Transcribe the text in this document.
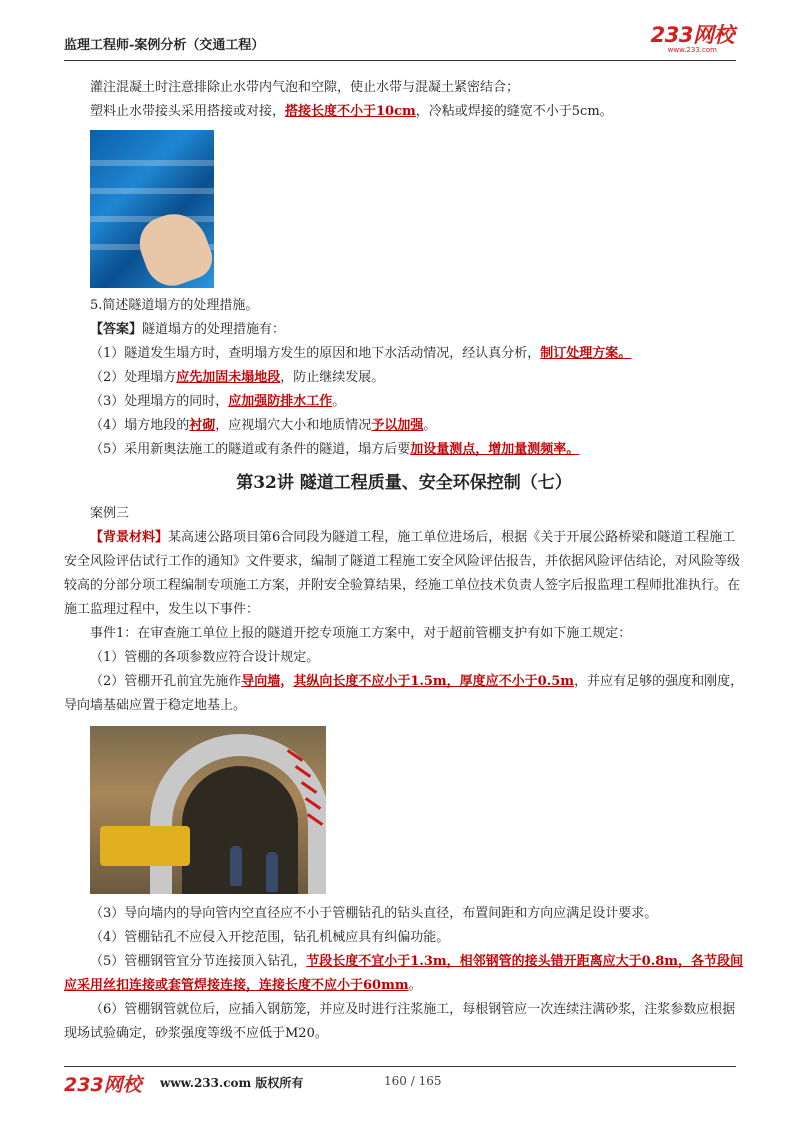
监理工程师-案例分析（交通工程）	233网校
www.233.com

灌注混凝土时注意排除止水带内气泡和空隙，使止水带与混凝土紧密结合；

塑料止水带接头采用搭接或对接，搭接长度不小于10cm，冷粘或焊接的缝宽不小于5cm。

5.简述隧道塌方的处理措施。

【答案】隧道塌方的处理措施有：

（1）隧道发生塌方时，查明塌方发生的原因和地下水活动情况，经认真分析，制订处理方案。

（2）处理塌方应先加固未塌地段，防止继续发展。

（3）处理塌方的同时，应加强防排水工作。

（4）塌方地段的衬砌，应视塌穴大小和地质情况予以加强。

（5）采用新奥法施工的隧道或有条件的隧道，塌方后要加设量测点，增加量测频率。

第32讲 隧道工程质量、安全环保控制（七）

案例三

【背景材料】某高速公路项目第6合同段为隧道工程，施工单位进场后，根据《关于开展公路桥梁和隧道工程施工安全风险评估试行工作的通知》文件要求，编制了隧道工程施工安全风险评估报告，并依据风险评估结论，对风险等级较高的分部分项工程编制专项施工方案，并附安全验算结果，经施工单位技术负责人签字后报监理工程师批准执行。在施工监理过程中，发生以下事件：

事件1：在审查施工单位上报的隧道开挖专项施工方案中，对于超前管棚支护有如下施工规定：

（1）管棚的各项参数应符合设计规定。

（2）管棚开孔前宜先施作导向墙，其纵向长度不应小于1.5m，厚度应不小于0.5m，并应有足够的强度和刚度，导向墙基础应置于稳定地基上。

（3）导向墙内的导向管内空直径应不小于管棚钻孔的钻头直径，布置间距和方向应满足设计要求。

（4）管棚钻孔不应侵入开挖范围，钻孔机械应具有纠偏功能。

（5）管棚钢管宜分节连接顶入钻孔，节段长度不宜小于1.3m，相邻钢管的接头错开距离应大于0.8m，各节段间应采用丝扣连接或套管焊接连接，连接长度不应小于60mm。

（6）管棚钢管就位后，应插入钢筋笼，并应及时进行注浆施工，每根钢管应一次连续注满砂浆，注浆参数应根据现场试验确定，砂浆强度等级不应低于M20。

233网校 www.233.com 版权所有	160 / 165
